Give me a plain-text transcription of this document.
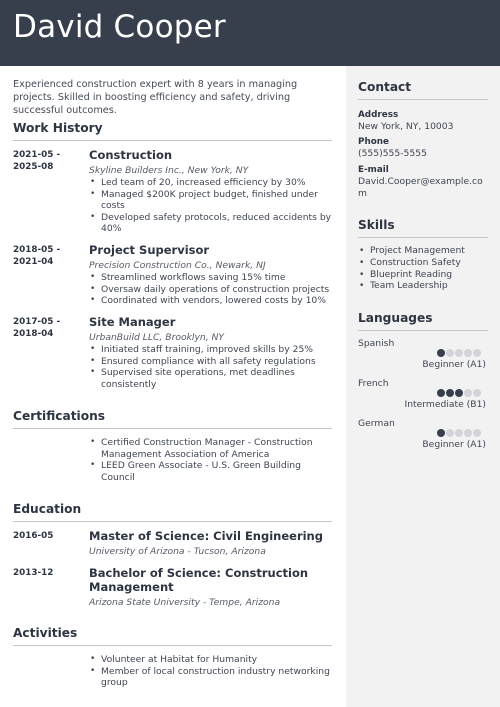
David Cooper

Experienced construction expert with 8 years in managing projects. Skilled in boosting efficiency and safety, driving successful outcomes.

Work History
2021-05 - 2025-08
Construction
Skyline Builders Inc., New York, NY
• Led team of 20, increased efficiency by 30%
• Managed $200K project budget, finished under costs
• Developed safety protocols, reduced accidents by 40%
2018-05 - 2021-04
Project Supervisor
Precision Construction Co., Newark, NJ
• Streamlined workflows saving 15% time
• Oversaw daily operations of construction projects
• Coordinated with vendors, lowered costs by 10%
2017-05 - 2018-04
Site Manager
UrbanBuild LLC, Brooklyn, NY
• Initiated staff training, improved skills by 25%
• Ensured compliance with all safety regulations
• Supervised site operations, met deadlines consistently
Certifications
• Certified Construction Manager - Construction Management Association of America
• LEED Green Associate - U.S. Green Building Council
Education
2016-05	Master of Science: Civil Engineering
University of Arizona - Tucson, Arizona
2013-12	Bachelor of Science: Construction Management
Arizona State University - Tempe, Arizona
Activities
• Volunteer at Habitat for Humanity
• Member of local construction industry networking group
Contact
Address
New York, NY, 10003
Phone
(555)555-5555
E-mail
David.Cooper@example.com
Skills
• Project Management
• Construction Safety
• Blueprint Reading
• Team Leadership
Languages
Spanish
Beginner (A1)
French
Intermediate (B1)
German
Beginner (A1)
